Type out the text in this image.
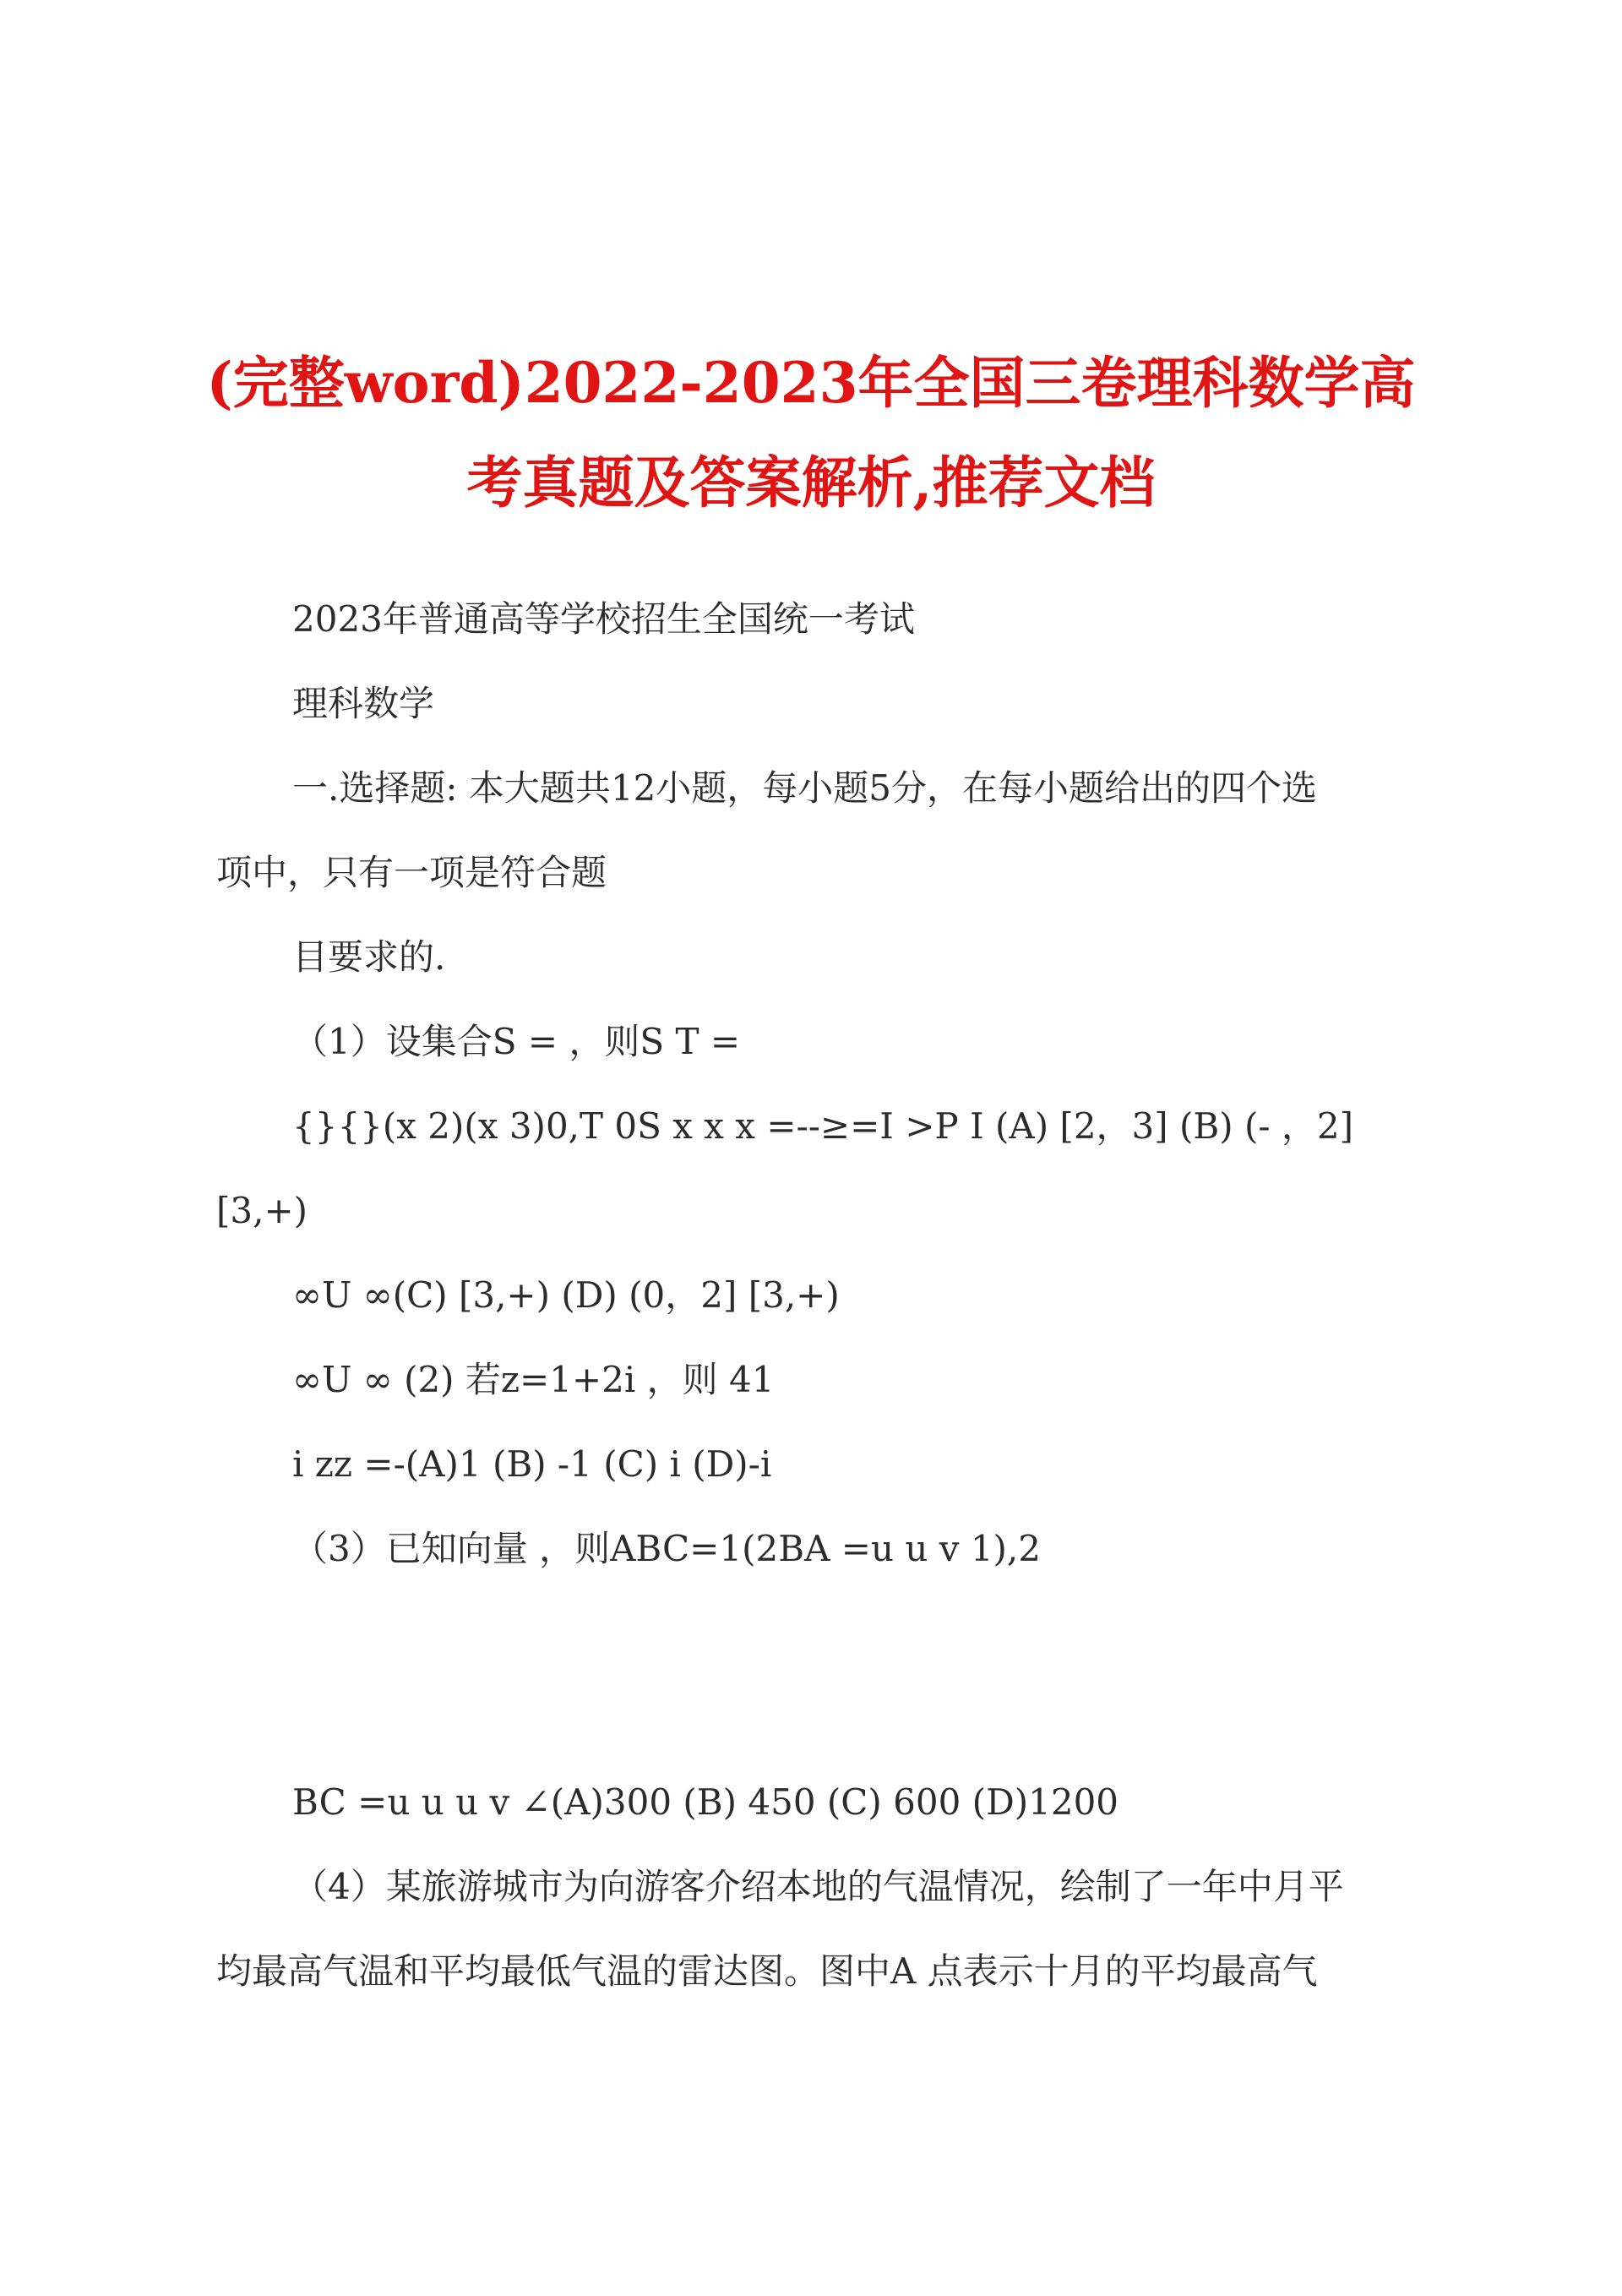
(完整word)2022-2023年全国三卷理科数学高
考真题及答案解析,推荐文档
2023年普通高等学校招生全国统一考试
理科数学
一.选择题: 本大题共12小题，每小题5分，在每小题给出的四个选
项中，只有一项是符合题
目要求的.
（1）设集合S = ，则S T =
{}{}(x 2)(x 3)0,T 0S x x x =--≥=I >P I (A) [2，3] (B) (- ，2]
[3,+)
∞U ∞(C) [3,+) (D) (0，2] [3,+)
∞U ∞ (2) 若z=1+2i ，则 41
i zz =-(A)1 (B) -1 (C) i (D)-i
（3）已知向量 ，则ABC=1(2BA =u u v 1),2
BC =u u u v ∠(A)300 (B) 450 (C) 600 (D)1200
（4）某旅游城市为向游客介绍本地的气温情况，绘制了一年中月平
均最高气温和平均最低气温的雷达图。图中A 点表示十月的平均最高气
